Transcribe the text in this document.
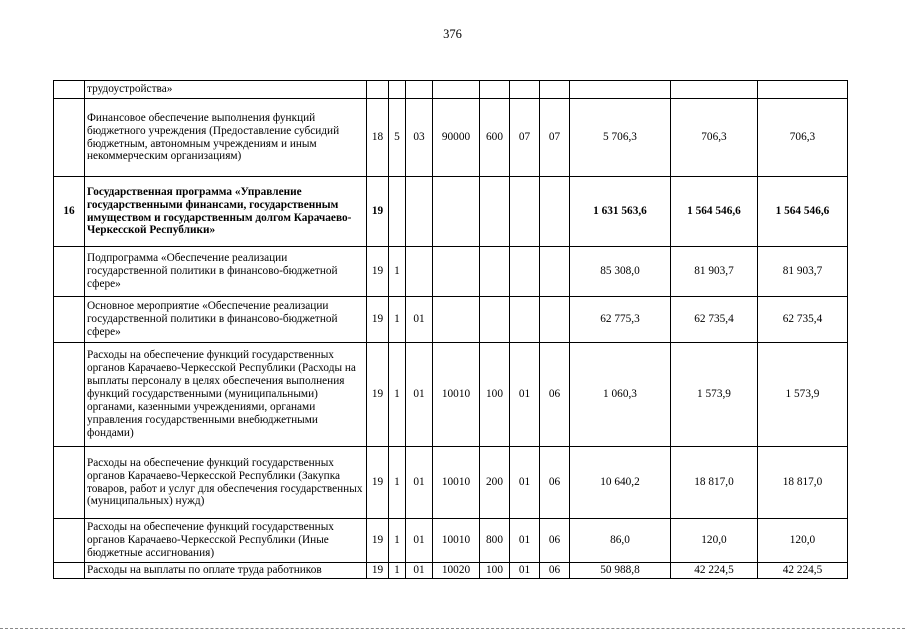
376
	трудоустройства»										
	Финансовое обеспечение выполнения функций бюджетного учреждения (Предоставление субсидий бюджетным, автономным учреждениям и иным некоммерческим организациям)	18	5	03	90000	600	07	07	5 706,3	706,3	706,3
16	Государственная программа «Управление государственными финансами, государственным имуществом и государственным долгом Карачаево-Черкесской Республики»	19							1 631 563,6	1 564 546,6	1 564 546,6
	Подпрограмма «Обеспечение реализации государственной политики в финансово-бюджетной сфере»	19	1						85 308,0	81 903,7	81 903,7
	Основное мероприятие «Обеспечение реализации государственной политики в финансово-бюджетной сфере»	19	1	01					62 775,3	62 735,4	62 735,4
	Расходы на обеспечение функций государственных органов Карачаево-Черкесской Республики (Расходы на выплаты персоналу в целях обеспечения выполнения функций государственными (муниципальными) органами, казенными учреждениями, органами управления государственными внебюджетными фондами)	19	1	01	10010	100	01	06	1 060,3	1 573,9	1 573,9
	Расходы на обеспечение функций государственных органов Карачаево-Черкесской Республики (Закупка товаров, работ и услуг для обеспечения государственных (муниципальных) нужд)	19	1	01	10010	200	01	06	10 640,2	18 817,0	18 817,0
	Расходы на обеспечение функций государственных органов Карачаево-Черкесской Республики (Иные бюджетные ассигнования)	19	1	01	10010	800	01	06	86,0	120,0	120,0
	Расходы на выплаты по оплате труда работников	19	1	01	10020	100	01	06	50 988,8	42 224,5	42 224,5
